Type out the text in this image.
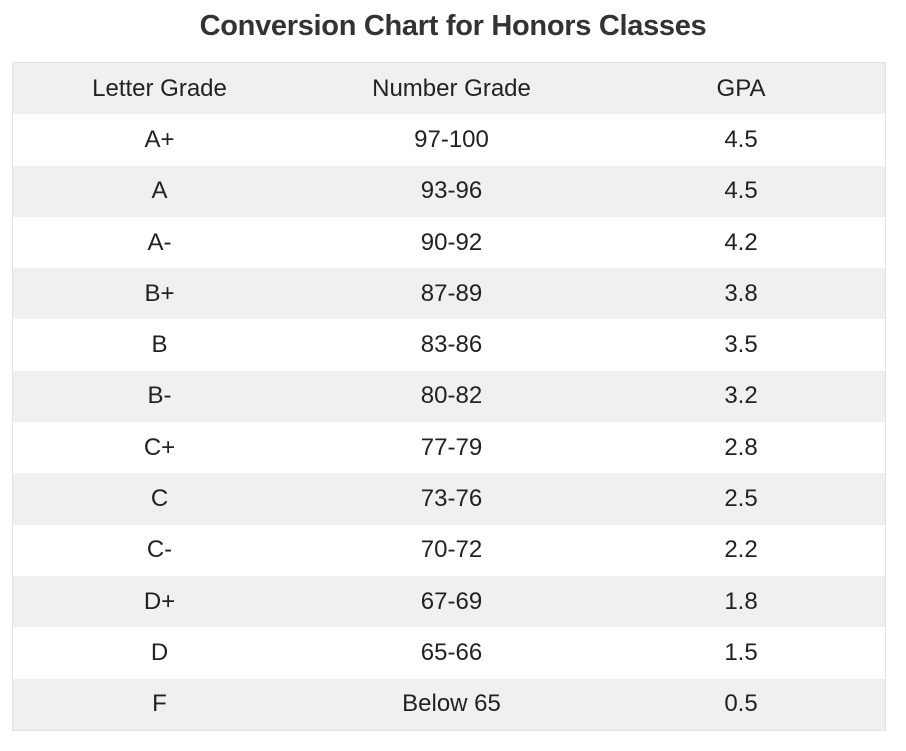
Conversion Chart for Honors Classes
Letter Grade	Number Grade	GPA
A+	97-100	4.5
A	93-96	4.5
A-	90-92	4.2
B+	87-89	3.8
B	83-86	3.5
B-	80-82	3.2
C+	77-79	2.8
C	73-76	2.5
C-	70-72	2.2
D+	67-69	1.8
D	65-66	1.5
F	Below 65	0.5
